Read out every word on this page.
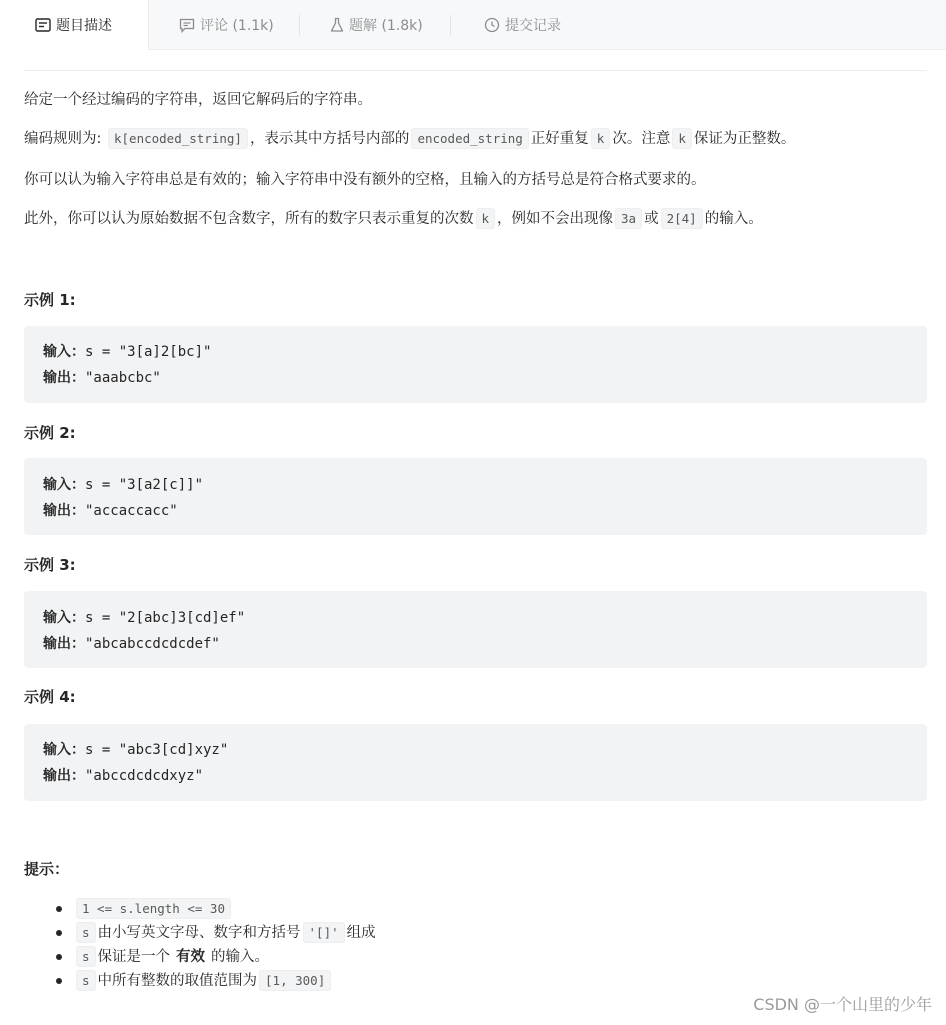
题目描述	评论 (1.1k)	题解 (1.8k)	提交记录
给定一个经过编码的字符串，返回它解码后的字符串。
编码规则为: k[encoded_string] ，表示其中方括号内部的 encoded_string 正好重复 k 次。注意 k 保证为正整数。
你可以认为输入字符串总是有效的；输入字符串中没有额外的空格，且输入的方括号总是符合格式要求的。
此外，你可以认为原始数据不包含数字，所有的数字只表示重复的次数 k ，例如不会出现像 3a 或 2[4] 的输入。
示例 1:
输入：s = "3[a]2[bc]"
输出："aaabcbc"
示例 2:
输入：s = "3[a2[c]]"
输出："accaccacc"
示例 3:
输入：s = "2[abc]3[cd]ef"
输出："abcabccdcdcdef"
示例 4:
输入：s = "abc3[cd]xyz"
输出："abccdcdcdxyz"
提示：
1 <= s.length <= 30
s 由小写英文字母、数字和方括号 '[]' 组成
s 保证是一个 有效 的输入。
s 中所有整数的取值范围为 [1, 300]
CSDN @一个山里的少年
